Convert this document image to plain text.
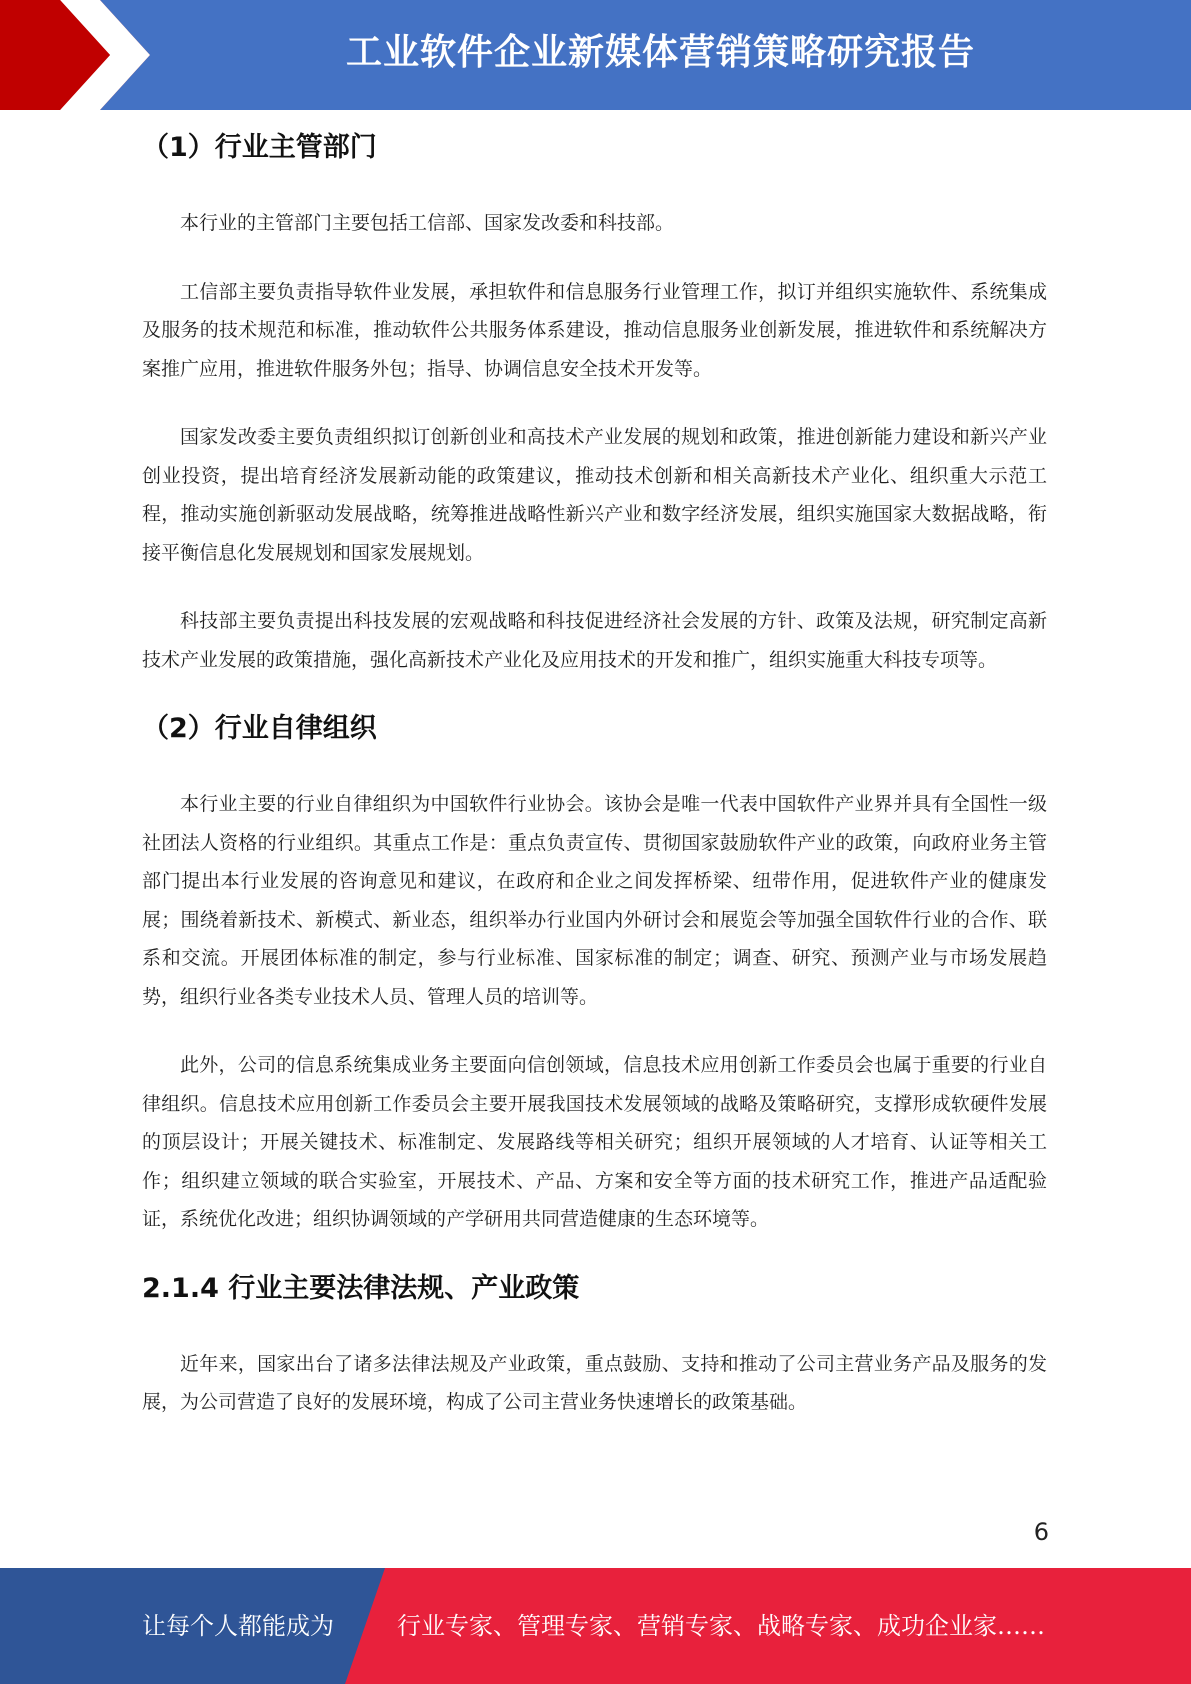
工业软件企业新媒体营销策略研究报告
（1）行业主管部门

本行业的主管部门主要包括工信部、国家发改委和科技部。

工信部主要负责指导软件业发展，承担软件和信息服务行业管理工作，拟订并组织实施软件、系统集成及服务的技术规范和标准，推动软件公共服务体系建设，推动信息服务业创新发展，推进软件和系统解决方案推广应用，推进软件服务外包；指导、协调信息安全技术开发等。

国家发改委主要负责组织拟订创新创业和高技术产业发展的规划和政策，推进创新能力建设和新兴产业创业投资，提出培育经济发展新动能的政策建议，推动技术创新和相关高新技术产业化、组织重大示范工程，推动实施创新驱动发展战略，统筹推进战略性新兴产业和数字经济发展，组织实施国家大数据战略，衔接平衡信息化发展规划和国家发展规划。

科技部主要负责提出科技发展的宏观战略和科技促进经济社会发展的方针、政策及法规，研究制定高新技术产业发展的政策措施，强化高新技术产业化及应用技术的开发和推广，组织实施重大科技专项等。

（2）行业自律组织

本行业主要的行业自律组织为中国软件行业协会。该协会是唯一代表中国软件产业界并具有全国性一级社团法人资格的行业组织。其重点工作是：重点负责宣传、贯彻国家鼓励软件产业的政策，向政府业务主管部门提出本行业发展的咨询意见和建议，在政府和企业之间发挥桥梁、纽带作用，促进软件产业的健康发展；围绕着新技术、新模式、新业态，组织举办行业国内外研讨会和展览会等加强全国软件行业的合作、联系和交流。开展团体标准的制定，参与行业标准、国家标准的制定；调查、研究、预测产业与市场发展趋势，组织行业各类专业技术人员、管理人员的培训等。

此外，公司的信息系统集成业务主要面向信创领域，信息技术应用创新工作委员会也属于重要的行业自律组织。信息技术应用创新工作委员会主要开展我国技术发展领域的战略及策略研究，支撑形成软硬件发展的顶层设计；开展关键技术、标准制定、发展路线等相关研究；组织开展领域的人才培育、认证等相关工作；组织建立领域的联合实验室，开展技术、产品、方案和安全等方面的技术研究工作，推进产品适配验证，系统优化改进；组织协调领域的产学研用共同营造健康的生态环境等。

2.1.4 行业主要法律法规、产业政策

近年来，国家出台了诸多法律法规及产业政策，重点鼓励、支持和推动了公司主营业务产品及服务的发展，为公司营造了良好的发展环境，构成了公司主营业务快速增长的政策基础。

6
让每个人都能成为	行业专家、管理专家、营销专家、战略专家、成功企业家……
